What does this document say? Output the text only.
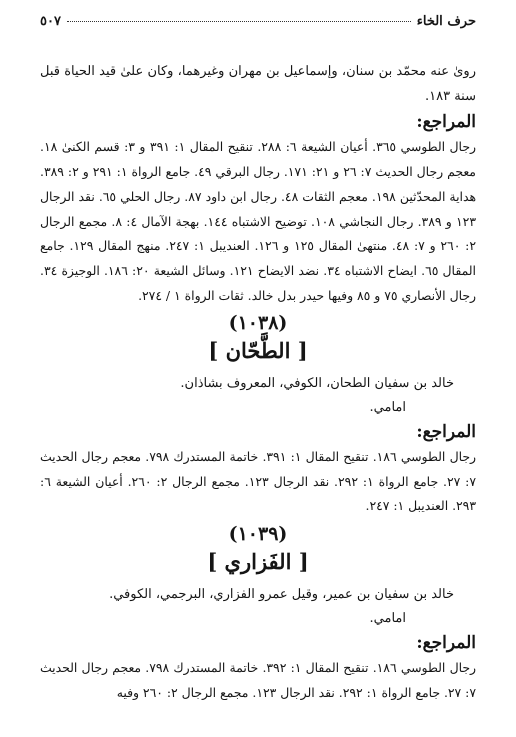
حرف الخاء
٥٠٧

رویٰ عنه محمّد بن سنان، وإسماعيل بن مهران وغيرهما، وكان علىٰ قيد الحياة قبل سنة ١٨٣.

المراجع:

رجال الطوسي ٣٦٥. أعيان الشيعة ٦: ٢٨٨. تنقيح المقال ١: ٣٩١ و ٣: قسم الكنىٰ ١٨. معجم رجال الحديث ٧: ٢٦ و ٢١: ١٧١. رجال البرقي ٤٩. جامع الرواة ١: ٢٩١ و ٢: ٣٨٩. هداية المحدّثين ١٩٨. معجم الثقات ٤٨. رجال ابن داود ٨٧. رجال الحلي ٦٥. نقد الرجال ١٢٣ و ٣٨٩. رجال النجاشي ١٠٨. توضيح الاشتباه ١٤٤. بهجة الآمال ٤: ٨. مجمع الرجال ٢: ٢٦٠ و ٧: ٤٨. منتهىٰ المقال ١٢٥ و ١٢٦. العنديبل ١: ٢٤٧. منهج المقال ١٢٩. جامع المقال ٦٥. ايضاح الاشتباه ٣٤. نضد الايضاح ١٢١. وسائل الشيعة ٢٠: ١٨٦. الوجيزة ٣٤. رجال الأنصاري ٧٥ و ٨٥ وفيها حيدر بدل خالد. ثقات الرواة ١ / ٢٧٤.

(١٠٣٨)
[ الطَّحّان ]

خالد بن سفيان الطحان، الكوفي، المعروف بشاذان.

امامي.

المراجع:

رجال الطوسي ١٨٦. تنقيح المقال ١: ٣٩١. خاتمة المستدرك ٧٩٨. معجم رجال الحديث ٧: ٢٧. جامع الرواة ١: ٢٩٢. نقد الرجال ١٢٣. مجمع الرجال ٢: ٢٦٠. أعيان الشيعة ٦: ٢٩٣. العنديبل ١: ٢٤٧.

(١٠٣٩)
[ الفَزاري ]

خالد بن سفيان بن عمير، وقيل عمرو الفزاري، البرجمي، الكوفي.

امامي.

المراجع:

رجال الطوسي ١٨٦. تنقيح المقال ١: ٣٩٢. خاتمة المستدرك ٧٩٨. معجم رجال الحديث ٧: ٢٧. جامع الرواة ١: ٢٩٢. نقد الرجال ١٢٣. مجمع الرجال ٢: ٢٦٠ وفيه
